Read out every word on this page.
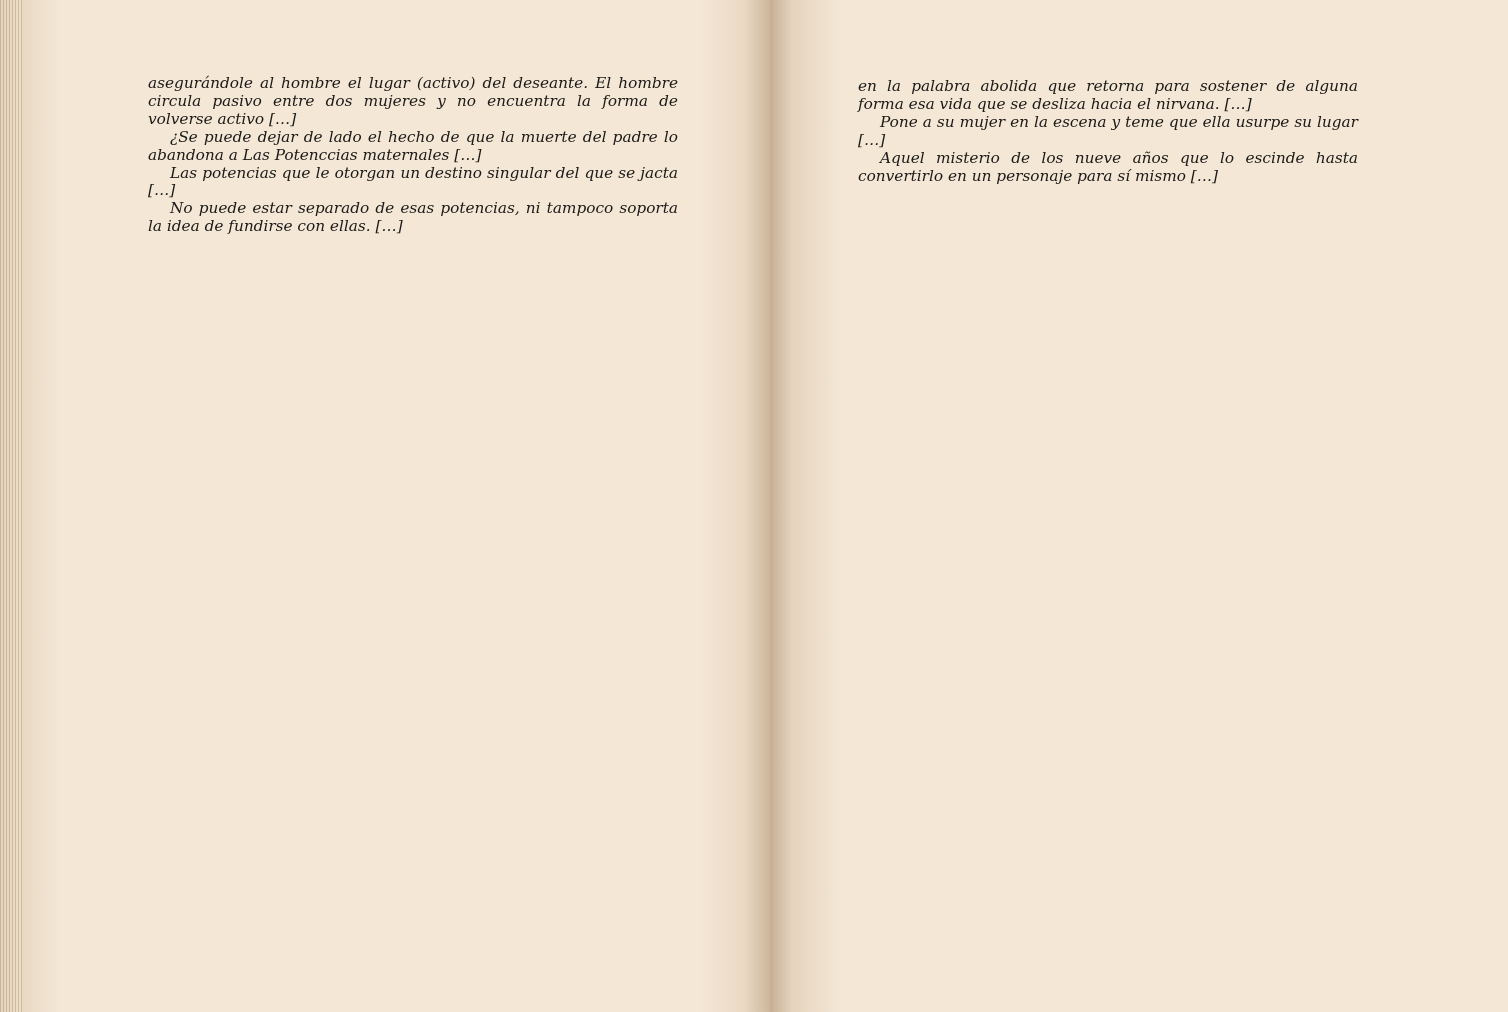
asegurándole al hombre el lugar (activo) del deseante. El hombre circula pasivo entre dos mujeres y no encuentra la forma de volverse activo […]

¿Se puede dejar de lado el hecho de que la muerte del padre lo abandona a Las Potenccias maternales […]

Las potencias que le otorgan un destino singular del que se jacta […]

No puede estar separado de esas potencias, ni tampoco soporta la idea de fundirse con ellas. […]

en la palabra abolida que retorna para sostener de alguna forma esa vida que se desliza hacia el nirvana. […]

Pone a su mujer en la escena y teme que ella usurpe su lugar […]

Aquel misterio de los nueve años que lo escinde hasta convertirlo en un personaje para sí mismo […]
